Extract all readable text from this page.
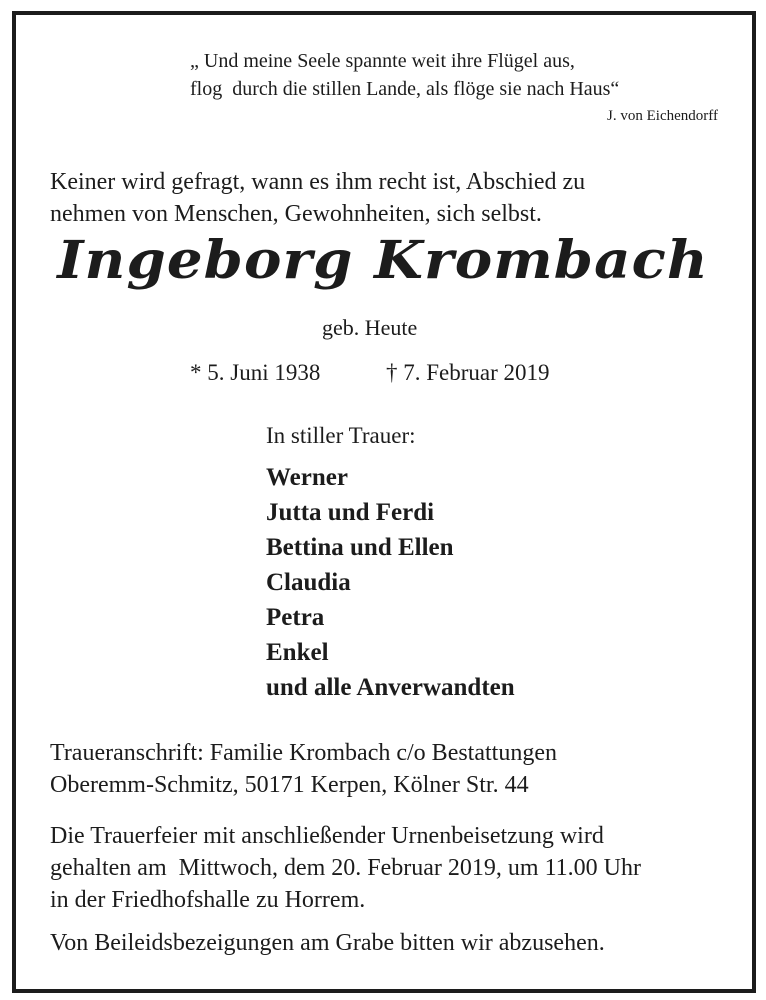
„ Und meine Seele spannte weit ihre Flügel aus,
flog  durch die stillen Lande, als flöge sie nach Haus“
J. von Eichendorff
Keiner wird gefragt, wann es ihm recht ist, Abschied zu
nehmen von Menschen, Gewohnheiten, sich selbst.
Ingeborg Krombach
geb. Heute
* 5. Juni 1938	† 7. Februar 2019
In stiller Trauer:
Werner
Jutta und Ferdi
Bettina und Ellen
Claudia
Petra
Enkel
und alle Anverwandten
Traueranschrift: Familie Krombach c/o Bestattungen
Oberemm-Schmitz, 50171 Kerpen, Kölner Str. 44
Die Trauerfeier mit anschließender Urnenbeisetzung wird
gehalten am  Mittwoch, dem 20. Februar 2019, um 11.00 Uhr
in der Friedhofshalle zu Horrem.
Von Beileidsbezeigungen am Grabe bitten wir abzusehen.
